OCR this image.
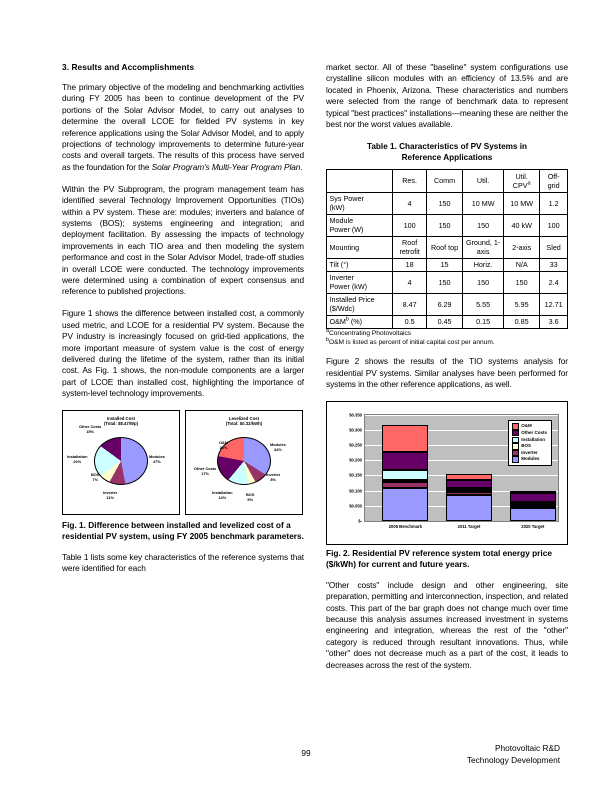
3. Results and Accomplishments

The primary objective of the modeling and benchmarking activities during FY 2005 has been to continue development of the PV portions of the Solar Advisor Model, to carry out analyses to determine the overall LCOE for fielded PV systems in key reference applications using the Solar Advisor Model, and to apply projections of technology improvements to determine future-year costs and overall targets. The results of this process have served as the foundation for the Solar Program's Multi-Year Program Plan.

Within the PV Subprogram, the program management team has identified several Technology Improvement Opportunities (TIOs) within a PV system. These are: modules; inverters and balance of systems (BOS); systems engineering and integration; and deployment facilitation. By assessing the impacts of technology improvements in each TIO area and then modeling the system performance and cost in the Solar Advisor Model, trade-off studies in overall LCOE were conducted. The technology improvements were determined using a combination of expert consensus and reference to published projections.

Figure 1 shows the difference between installed cost, a commonly used metric, and LCOE for a residential PV system. Because the PV industry is increasingly focused on grid-tied applications, the more important measure of system value is the cost of energy delivered during the lifetime of the system, rather than its initial cost. As Fig. 1 shows, the non-module components are a larger part of LCOE than installed cost, highlighting the importance of system-level technology improvements.

Installed Cost
(Total: $8.47/Wp)
Other Costs
15%
Installation
20%
BOS
7%
Inverter
11%
Modules
47%
Levelized Cost
(Total: $0.32/kWh)
O&M
26%
Other Costs
17%
Installation
14%
BOS
5%
Inverter
8%
Modules
34%
Fig. 1. Difference between installed and levelized cost of a residential PV system, using FY 2005 benchmark parameters.

Table 1 lists some key characteristics of the reference systems that were identified for each

market sector. All of these "baseline" system configurations use crystalline silicon modules with an efficiency of 13.5% and are located in Phoenix, Arizona. These characteristics and numbers were selected from the range of benchmark data to represent typical "best practices" installations—meaning these are neither the best nor the worst values available.

Table 1. Characteristics of PV Systems in
Reference Applications
	Res.	Comm	Util.	Util.
CPV$^a$	Off-
grid
Sys Power
(kW)	4	150	10 MW	10 MW	1.2
Module
Power (W)	100	150	150	40 kW	100
Mounting	Roof retrofit	Roof top	Ground, 1-axis	2-axis	Sled
Tilt (°)	18	15	Horiz.	N/A	33
Inverter
Power (kW)	4	150	150	150	2.4
Installed Price
($/Wdc)	8.47	6.29	5.55	5.95	12.71
$O\&M^b$ (%)	0.5	0.45	0.15	0.85	3.6
$^a$Concentrating Photovoltaics
$^b$O&M is listed as percent of initial capital cost per annum.

Figure 2 shows the results of the TIO systems analysis for residential PV systems. Similar analyses have been performed for systems in the other reference applications, as well.

$0.350
$0.300
$0.250
$0.200
$0.150
$0.100
$0.050
$-
2005 Benchmark	2011 Target	2020 Target
O&M
Other Costs
Installation
BOS
Inverter
Modules
Fig. 2. Residential PV reference system total energy price ($/kWh) for current and future years.

"Other costs" include design and other engineering, site preparation, permitting and interconnection, inspection, and related costs. This part of the bar graph does not change much over time because this analysis assumes increased investment in systems engineering and integration, whereas the rest of the "other" category is reduced through resultant innovations. Thus, while "other" does not decrease much as a part of the cost, it leads to decreases across the rest of the system.

99	Photovoltaic R&D
Technology Development
